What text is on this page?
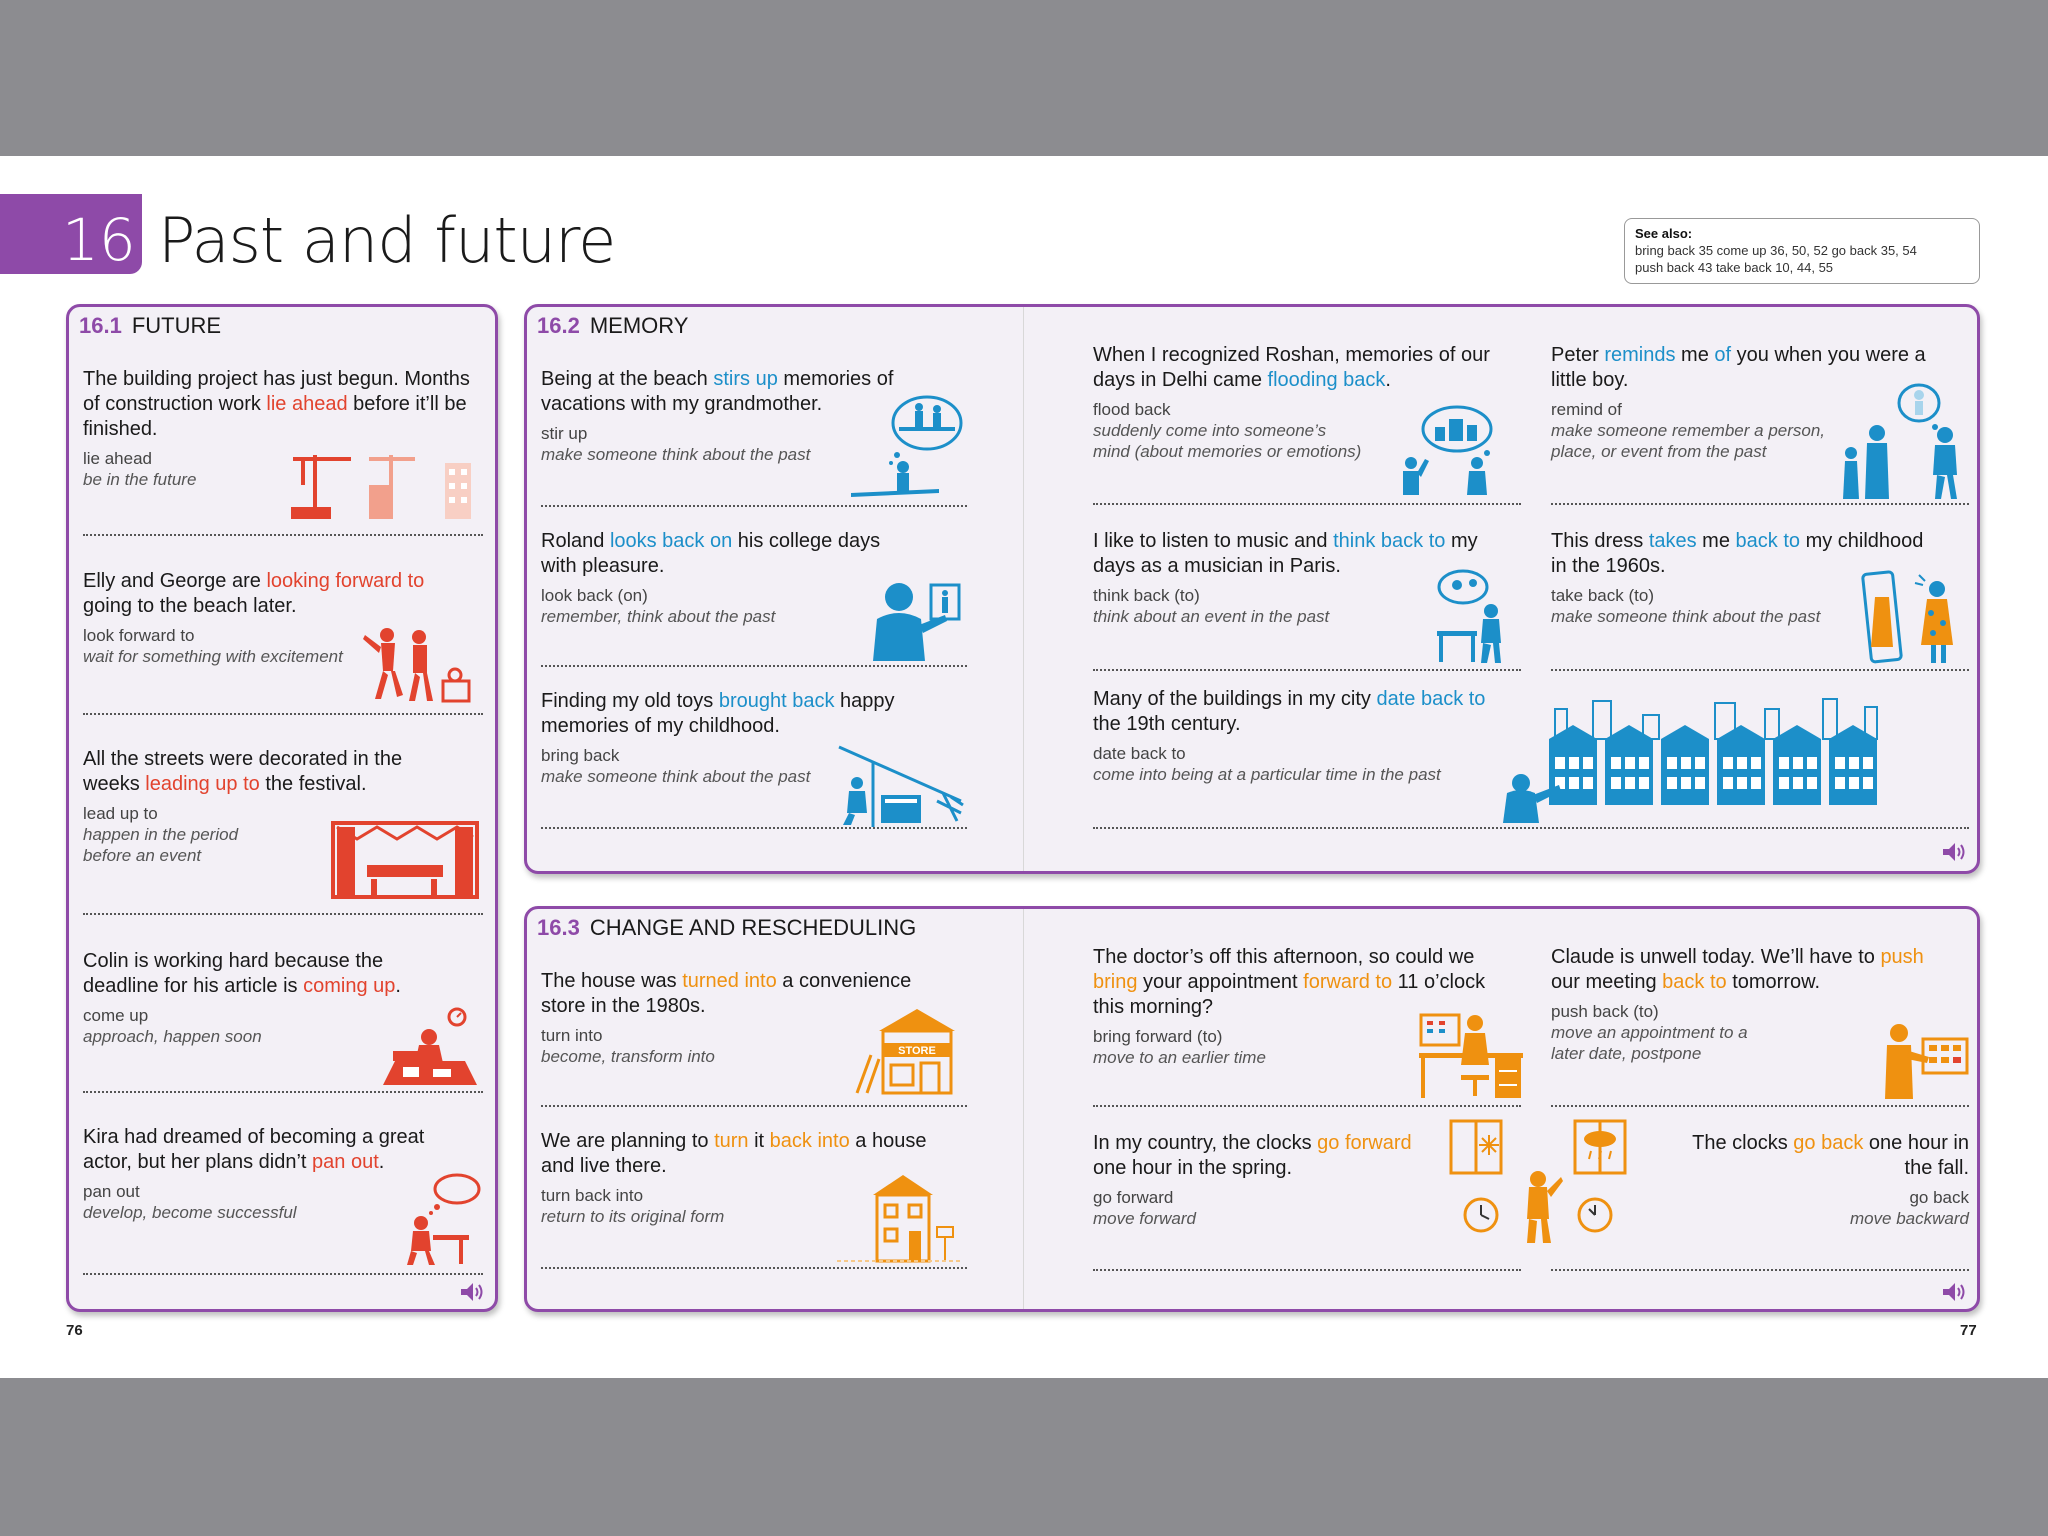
16 Past and future	See also:
bring back 35 come up 36, 50, 52 go back 35, 54
push back 43 take back 10, 44, 55
16.1 FUTURE
The building project has just begun. Months of construction work lie ahead before it’ll be finished.
lie ahead
be in the future
Elly and George are looking forward to going to the beach later.
look forward to
wait for something with excitement
All the streets were decorated in the weeks leading up to the festival.
lead up to
happen in the period before an event
Colin is working hard because the deadline for his article is coming up.
come up
approach, happen soon
Kira had dreamed of becoming a great actor, but her plans didn’t pan out.
pan out
develop, become successful
16.2 MEMORY
Being at the beach stirs up memories of vacations with my grandmother.
stir up
make someone think about the past
Roland looks back on his college days with pleasure.
look back (on)
remember, think about the past
Finding my old toys brought back happy memories of my childhood.
bring back
make someone think about the past
When I recognized Roshan, memories of our days in Delhi came flooding back.
flood back
suddenly come into someone’s mind (about memories or emotions)
I like to listen to music and think back to my days as a musician in Paris.
think back (to)
think about an event in the past
Peter reminds me of you when you were a little boy.
remind of
make someone remember a person, place, or event from the past
This dress takes me back to my childhood in the 1960s.
take back (to)
make someone think about the past
Many of the buildings in my city date back to the 19th century.
date back to
come into being at a particular time in the past
16.3 CHANGE AND RESCHEDULING
The house was turned into a convenience store in the 1980s.
turn into
become, transform into	STORE
We are planning to turn it back into a house and live there.
turn back into
return to its original form
The doctor’s off this afternoon, so could we bring your appointment forward to 11 o’clock this morning?
bring forward (to)
move to an earlier time
In my country, the clocks go forward one hour in the spring.
go forward
move forward
Claude is unwell today. We’ll have to push our meeting back to tomorrow.
push back (to)
move an appointment to a later date, postpone
The clocks go back one hour in the fall.
go back
move backward
76	77
